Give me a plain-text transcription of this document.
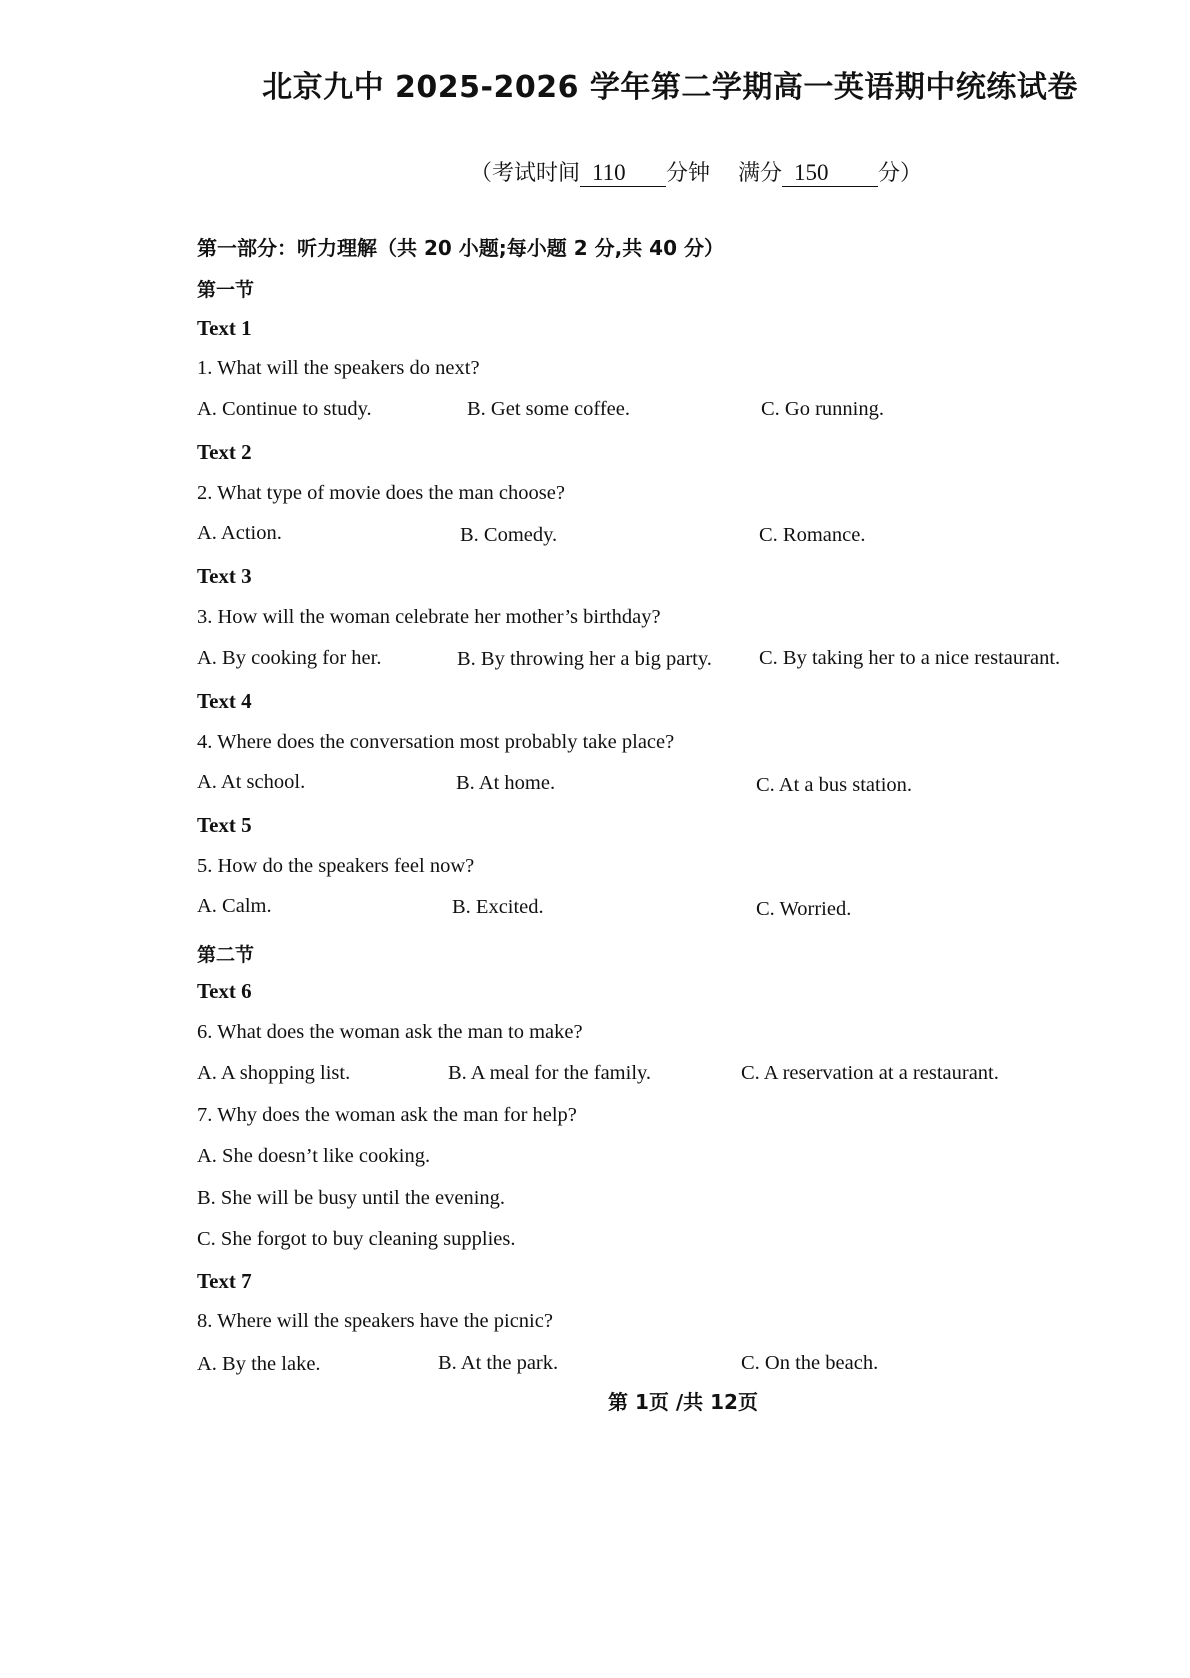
北京九中 2025-2026 学年第二学期高一英语期中统练试卷
（考试时间 110 分钟 满分 150 分）
第一部分：听力理解（共 20 小题;每小题 2 分,共 40 分）
第一节
Text 1
1. What will the speakers do next?
A. Continue to study.	B. Get some coffee.	C. Go running.
Text 2
2. What type of movie does the man choose?
A. Action.	B. Comedy.	C. Romance.
Text 3
3. How will the woman celebrate her mother’s birthday?
A. By cooking for her.	B. By throwing her a big party. C. By taking her to a nice restaurant.
Text 4
4. Where does the conversation most probably take place?
A. At school.	B. At home.	C. At a bus station.
Text 5
5. How do the speakers feel now?
A. Calm.	B. Excited.	C. Worried.
第二节
Text 6
6. What does the woman ask the man to make?
A. A shopping list.	B. A meal for the family.	C. A reservation at a restaurant.
7. Why does the woman ask the man for help?
A. She doesn’t like cooking.
B. She will be busy until the evening.
C. She forgot to buy cleaning supplies.
Text 7
8. Where will the speakers have the picnic?
A. By the lake.	B. At the park.	C. On the beach.
第 1页 /共 12页
